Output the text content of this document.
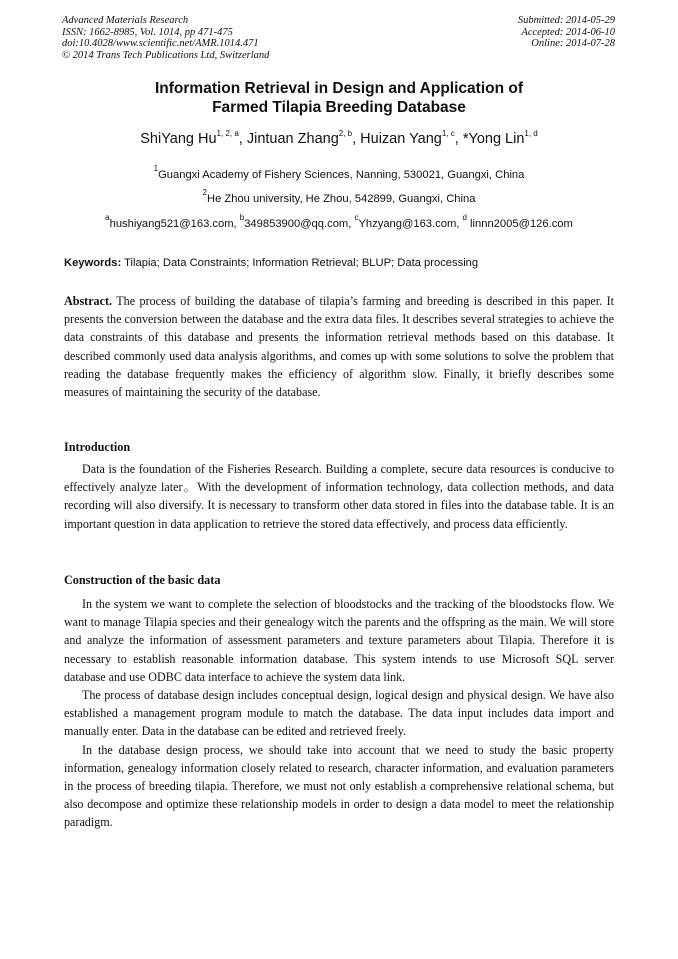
Advanced Materials Research
ISSN: 1662-8985, Vol. 1014, pp 471-475
doi:10.4028/www.scientific.net/AMR.1014.471
© 2014 Trans Tech Publications Ltd, Switzerland
Submitted: 2014-05-29
Accepted: 2014-06-10
Online: 2014-07-28
Information Retrieval in Design and Application of
Farmed Tilapia Breeding Database
ShiYang Hu$^{1, 2, a}$, Jintuan Zhang$^{2, b}$, Huizan Yang$^{1, c}$, *Yong Lin$^{1, d}$
$^1$Guangxi Academy of Fishery Sciences, Nanning, 530021, Guangxi, China
$^2$He Zhou university, He Zhou, 542899, Guangxi, China
$^a$hushiyang521@163.com, $^b$349853900@qq.com, $^c$Yhzyang@163.com, $^d$ linnn2005@126.com
Keywords: Tilapia; Data Constraints; Information Retrieval; BLUP; Data processing

Abstract. The process of building the database of tilapia’s farming and breeding is described in this paper. It presents the conversion between the database and the extra data files. It describes several strategies to achieve the data constraints of this database and presents the information retrieval methods based on this database. It described commonly used data analysis algorithms, and comes up with some solutions to solve the problem that reading the database frequently makes the efficiency of algorithm slow. Finally, it briefly describes some measures of maintaining the security of the database.

Introduction

Data is the foundation of the Fisheries Research. Building a complete, secure data resources is conducive to effectively analyze later。With the development of information technology, data collection methods, and data recording will also diversify. It is necessary to transform other data stored in files into the database table. It is an important question in data application to retrieve the stored data effectively, and process data efficiently.

Construction of the basic data

In the system we want to complete the selection of bloodstocks and the tracking of the bloodstocks flow. We want to manage Tilapia species and their genealogy witch the parents and the offspring as the main. We will store and analyze the information of assessment parameters and texture parameters about Tilapia. Therefore it is necessary to establish reasonable information database. This system intends to use Microsoft SQL server database and use ODBC data interface to achieve the system data link.

The process of database design includes conceptual design, logical design and physical design. We have also established a management program module to match the database. The data input includes data import and manually enter. Data in the database can be edited and retrieved freely.

In the database design process, we should take into account that we need to study the basic property information, genealogy information closely related to research, character information, and evaluation parameters in the process of breeding tilapia. Therefore, we must not only establish a comprehensive relational schema, but also decompose and optimize these relationship models in order to design a data model to meet the relationship paradigm.
